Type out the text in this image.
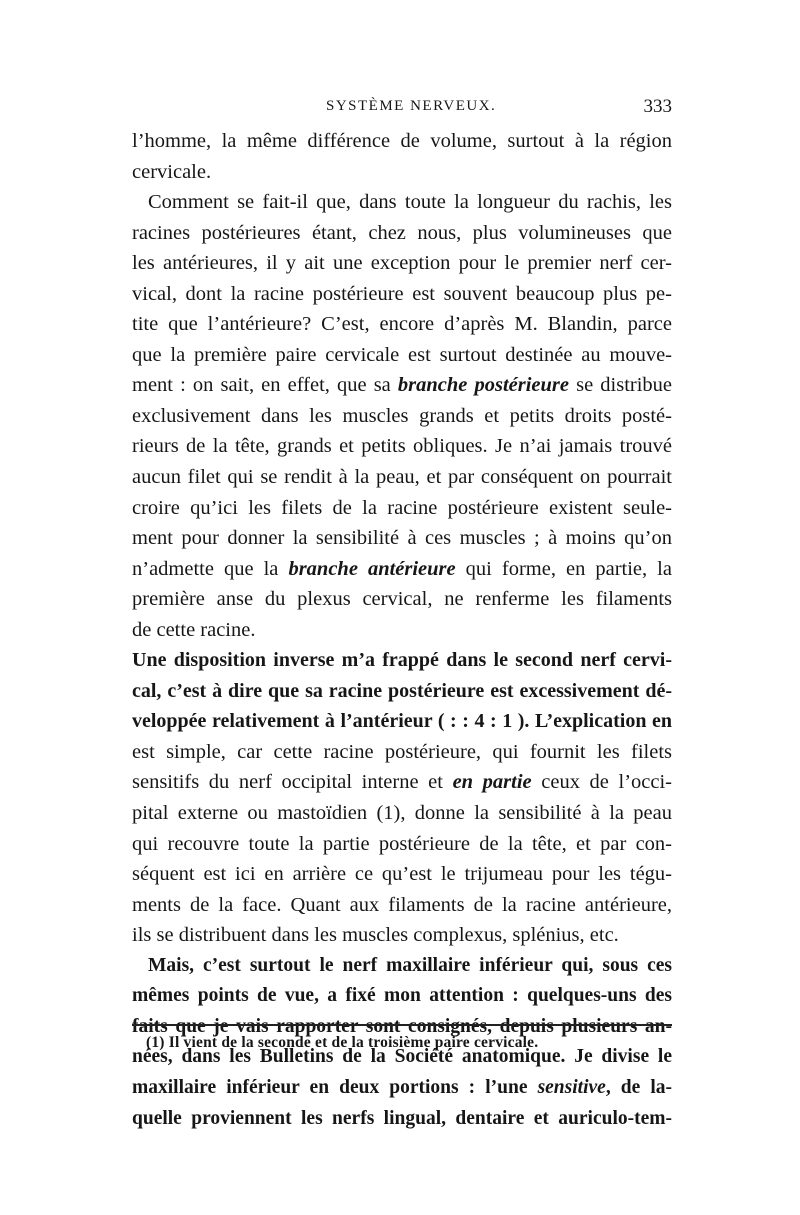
SYSTÈME NERVEUX.	333
l’homme, la même différence de volume, surtout à la région
cervicale.
Comment se fait-il que, dans toute la longueur du rachis, les
racines postérieures étant, chez nous, plus volumineuses que
les antérieures, il y ait une exception pour le premier nerf cer-
vical, dont la racine postérieure est souvent beaucoup plus pe-
tite que l’antérieure? C’est, encore d’après M. Blandin, parce
que la première paire cervicale est surtout destinée au mouve-
ment : on sait, en effet, que sa branche postérieure se distribue
exclusivement dans les muscles grands et petits droits posté-
rieurs de la tête, grands et petits obliques. Je n’ai jamais trouvé
aucun filet qui se rendit à la peau, et par conséquent on pourrait
croire qu’ici les filets de la racine postérieure existent seule-
ment pour donner la sensibilité à ces muscles ; à moins qu’on
n’admette que la branche antérieure qui forme, en partie, la
première anse du plexus cervical, ne renferme les filaments
de cette racine.
Une disposition inverse m’a frappé dans le second nerf cervi-
cal, c’est à dire que sa racine postérieure est excessivement dé-
veloppée relativement à l’antérieur ( : : 4 : 1 ). L’explication en
est simple, car cette racine postérieure, qui fournit les filets
sensitifs du nerf occipital interne et en partie ceux de l’occi-
pital externe ou mastoïdien (1), donne la sensibilité à la peau
qui recouvre toute la partie postérieure de la tête, et par con-
séquent est ici en arrière ce qu’est le trijumeau pour les tégu-
ments de la face. Quant aux filaments de la racine antérieure,
ils se distribuent dans les muscles complexus, splénius, etc.
Mais, c’est surtout le nerf maxillaire inférieur qui, sous ces
mêmes points de vue, a fixé mon attention : quelques-uns des
faits que je vais rapporter sont consignés, depuis plusieurs an-
nées, dans les Bulletins de la Société anatomique. Je divise le
maxillaire inférieur en deux portions : l’une sensitive, de la-
quelle proviennent les nerfs lingual, dentaire et auriculo-tem-
(1) Il vient de la seconde et de la troisième paire cervicale.
